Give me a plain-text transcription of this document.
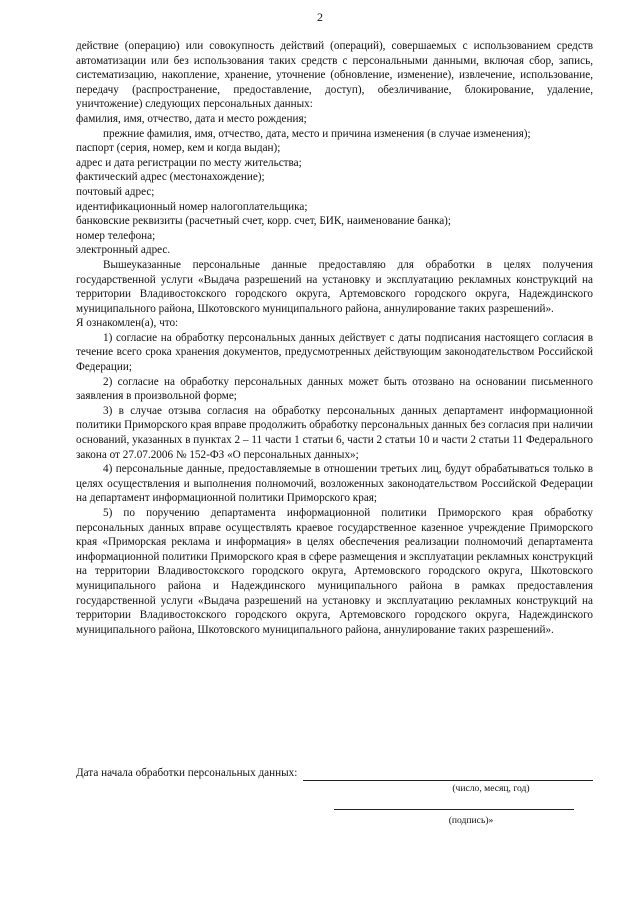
2

действие (операцию) или совокупность действий (операций), совершаемых с использованием средств автоматизации или без использования таких средств с персональными данными, включая сбор, запись, систематизацию, накопление, хранение, уточнение (обновление, изменение), извлечение, использование, передачу (распространение, предоставление, доступ), обезличивание, блокирование, удаление, уничтожение) следующих персональных данных:

фамилия, имя, отчество, дата и место рождения;

прежние фамилия, имя, отчество, дата, место и причина изменения (в случае изменения);

паспорт (серия, номер, кем и когда выдан);

адрес и дата регистрации по месту жительства;

фактический адрес (местонахождение);

почтовый адрес;

идентификационный номер налогоплательщика;

банковские реквизиты (расчетный счет, корр. счет, БИК, наименование банка);

номер телефона;

электронный адрес.

Вышеуказанные персональные данные предоставляю для обработки в целях получения государственной услуги «Выдача разрешений на установку и эксплуатацию рекламных конструкций на территории Владивостокского городского округа, Артемовского городского округа, Надеждинского муниципального района, Шкотовского муниципального района, аннулирование таких разрешений».

Я ознакомлен(а), что:

1) согласие на обработку персональных данных действует с даты подписания настоящего согласия в течение всего срока хранения документов, предусмотренных действующим законодательством Российской Федерации;

2) согласие на обработку персональных данных может быть отозвано на основании письменного заявления в произвольной форме;

3) в случае отзыва согласия на обработку персональных данных департамент информационной политики Приморского края вправе продолжить обработку персональных данных без согласия при наличии оснований, указанных в пунктах 2 – 11 части 1 статьи 6, части 2 статьи 10 и части 2 статьи 11 Федерального закона от 27.07.2006 № 152-ФЗ «О персональных данных»;

4) персональные данные, предоставляемые в отношении третьих лиц, будут обрабатываться только в целях осуществления и выполнения полномочий, возложенных законодательством Российской Федерации на департамент информационной политики Приморского края;

5) по поручению департамента информационной политики Приморского края обработку персональных данных вправе осуществлять краевое государственное казенное учреждение Приморского края «Приморская реклама и информация» в целях обеспечения реализации полномочий департамента информационной политики Приморского края в сфере размещения и эксплуатации рекламных конструкций на территории Владивостокского городского округа, Артемовского городского округа, Шкотовского муниципального района и Надеждинского муниципального района в рамках предоставления государственной услуги «Выдача разрешений на установку и эксплуатацию рекламных конструкций на территории Владивостокского городского округа, Артемовского городского округа, Надеждинского муниципального района, Шкотовского муниципального района, аннулирование таких разрешений».

Дата начала обработки персональных данных:
(число, месяц, год)
(подпись)»
